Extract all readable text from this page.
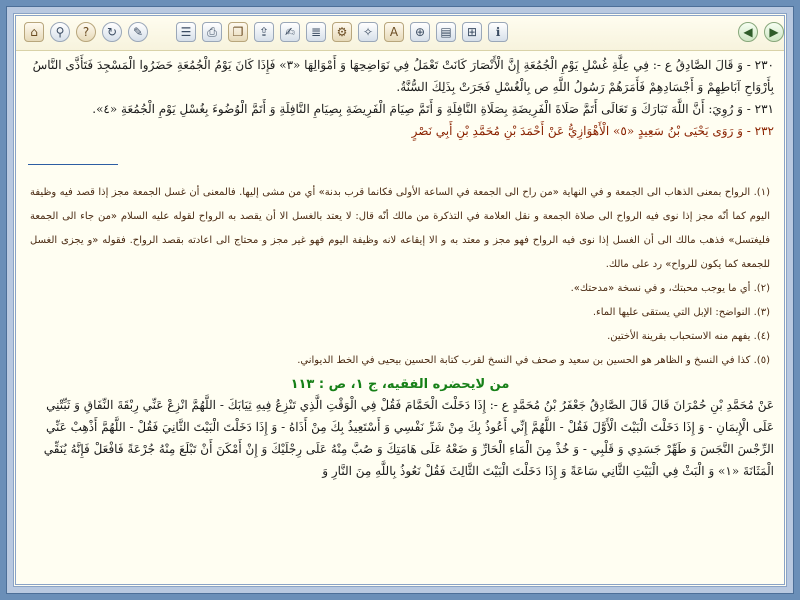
⌂	⚲	?	↻	✎	☰	⎙	❐	⇪	✍	≣	⚙	✧	A	⊕	▤	⊞	ℹ	◀	▶

٢٣٠ - وَ قَالَ الصَّادِقُ ع -: فِي عِلَّةِ غُسْلِ يَوْمِ الْجُمُعَةِ إِنَّ الْأَنْصَارَ كَانَتْ تَعْمَلُ فِي نَوَاضِحِهَا وَ أَمْوَالِهَا «٣» فَإِذَا كَانَ يَوْمُ الْجُمُعَةِ حَضَرُوا الْمَسْجِدَ فَتَأَذَّى النَّاسُ بِأَرْوَاحِ آبَاطِهِمْ وَ أَجْسَادِهِمْ فَأَمَرَهُمْ رَسُولُ اللَّهِ ص بِالْغُسْلِ فَجَرَتْ بِذَلِكَ السُّنَّةُ.

٢٣١ - وَ رُوِيَ: أَنَّ اللَّهَ تَبَارَكَ وَ تَعَالَى أَتَمَّ صَلَاةَ الْفَرِيضَةِ بِصَلَاةِ النَّافِلَةِ وَ أَتَمَّ صِيَامَ الْفَرِيضَةِ بِصِيَامِ النَّافِلَةِ وَ أَتَمَّ الْوُضُوءَ بِغُسْلِ يَوْمِ الْجُمُعَةِ «٤».

٢٣٢ - وَ رَوَى يَحْيَى بْنُ سَعِيدٍ «٥» الْأَهْوَازِيُّ عَنْ أَحْمَدَ بْنِ مُحَمَّدِ بْنِ أَبِي نَصْرٍ

(١). الرواح بمعنى الذهاب الى الجمعة و في النهاية «من راح الى الجمعة في الساعة الأولى فكانما قرب بدنة» أي من مشى إليها. فالمعنى أن غسل الجمعة مجز إذا قصد فيه وظيفة اليوم كما أنّه مجز إذا نوى فيه الرواح الى صلاة الجمعة و نقل العلامة في التذكرة من مالك أنّه قال: لا يعتد بالغسل الا أن يقصد به الرواح لقوله عليه السلام «من جاء الى الجمعة فليغتسل» فذهب مالك الى أن الغسل إذا نوى فيه الرواح فهو مجز و معتد به و الا إيقاعه لانه وظيفة اليوم فهو غير مجز و محتاج الى اعادته بقصد الرواح. فقوله «و يجزى الغسل للجمعة كما يكون للرواح» رد على مالك.

(٢). أي ما يوجب محبتك، و في نسخة «مدحتك».

(٣). النواضح: الإبل التي يستقى عليها الماء.

(٤). يفهم منه الاستحباب بقرينة الأختين.

(٥). كذا في النسخ و الظاهر هو الحسين بن سعيد و صحف في النسخ لقرب كتابة الحسين بيحيى في الخط الديواني.

من لايحضره الفقيه، ج ١، ص : ١١٣

عَنْ مُحَمَّدِ بْنِ حُمْرَانَ قَالَ قَالَ الصَّادِقُ جَعْفَرُ بْنُ مُحَمَّدٍ ع -: إِذَا دَخَلْتَ الْحَمَّامَ فَقُلْ فِي الْوَقْتِ الَّذِي تَنْزِعُ فِيهِ ثِيَابَكَ - اللَّهُمَّ انْزِعْ عَنِّي رِبْقَةَ النِّفَاقِ وَ ثَبِّتْنِي عَلَى الْإِيمَانِ - وَ إِذَا دَخَلْتَ الْبَيْتَ الْأَوَّلَ فَقُلْ - اللَّهُمَّ إِنِّي أَعُوذُ بِكَ مِنْ شَرِّ نَفْسِي وَ أَسْتَعِيذُ بِكَ مِنْ أَذَاهُ - وَ إِذَا دَخَلْتَ الْبَيْتَ الثَّانِيَ فَقُلْ - اللَّهُمَّ أَذْهِبْ عَنِّي الرِّجْسَ النَّجَسَ وَ طَهِّرْ جَسَدِي وَ قَلْبِي - وَ خُذْ مِنَ الْمَاءِ الْحَارِّ وَ ضَعْهُ عَلَى هَامَتِكَ وَ صُبَّ مِنْهُ عَلَى رِجْلَيْكَ وَ إِنْ أَمْكَنَ أَنْ تَبْلَعَ مِنْهُ جُرْعَةً فَافْعَلْ فَإِنَّهُ يُنَقِّي الْمَثَانَةَ «١» وَ الْبَثْ فِي الْبَيْتِ الثَّانِي سَاعَةً وَ إِذَا دَخَلْتَ الْبَيْتَ الثَّالِثَ فَقُلْ نَعُوذُ بِاللَّهِ مِنَ النَّارِ وَ
